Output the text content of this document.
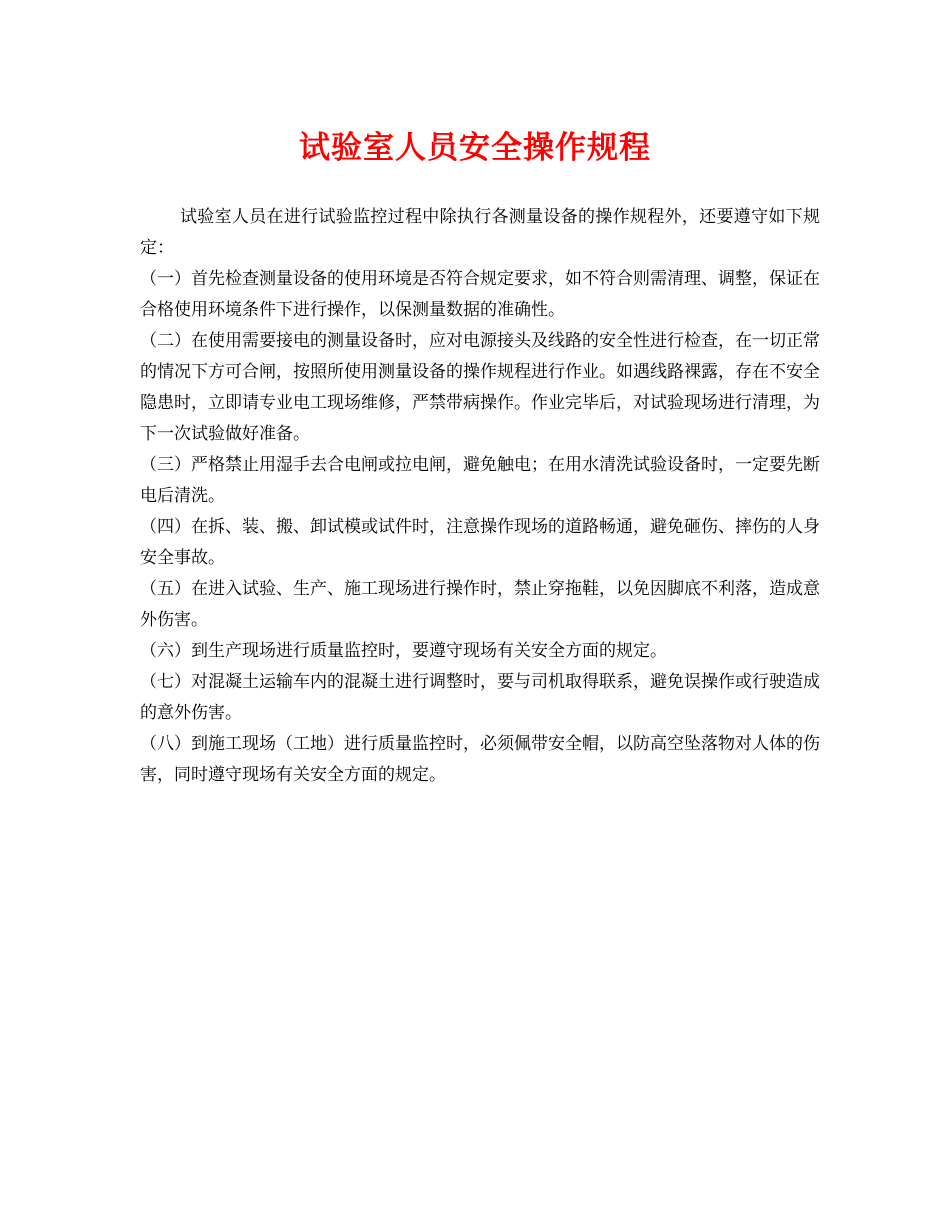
试验室人员安全操作规程

试验室人员在进行试验监控过程中除执行各测量设备的操作规程外，还要遵守如下规定：

（一）首先检查测量设备的使用环境是否符合规定要求，如不符合则需清理、调整，保证在合格使用环境条件下进行操作，以保测量数据的准确性。

（二）在使用需要接电的测量设备时，应对电源接头及线路的安全性进行检查，在一切正常的情况下方可合闸，按照所使用测量设备的操作规程进行作业。如遇线路裸露，存在不安全隐患时，立即请专业电工现场维修，严禁带病操作。作业完毕后，对试验现场进行清理，为下一次试验做好准备。

（三）严格禁止用湿手去合电闸或拉电闸，避免触电；在用水清洗试验设备时，一定要先断电后清洗。

（四）在拆、装、搬、卸试模或试件时，注意操作现场的道路畅通，避免砸伤、摔伤的人身安全事故。

（五）在进入试验、生产、施工现场进行操作时，禁止穿拖鞋，以免因脚底不利落，造成意外伤害。

（六）到生产现场进行质量监控时，要遵守现场有关安全方面的规定。

（七）对混凝土运输车内的混凝土进行调整时，要与司机取得联系，避免误操作或行驶造成的意外伤害。

（八）到施工现场（工地）进行质量监控时，必须佩带安全帽，以防高空坠落物对人体的伤害，同时遵守现场有关安全方面的规定。
